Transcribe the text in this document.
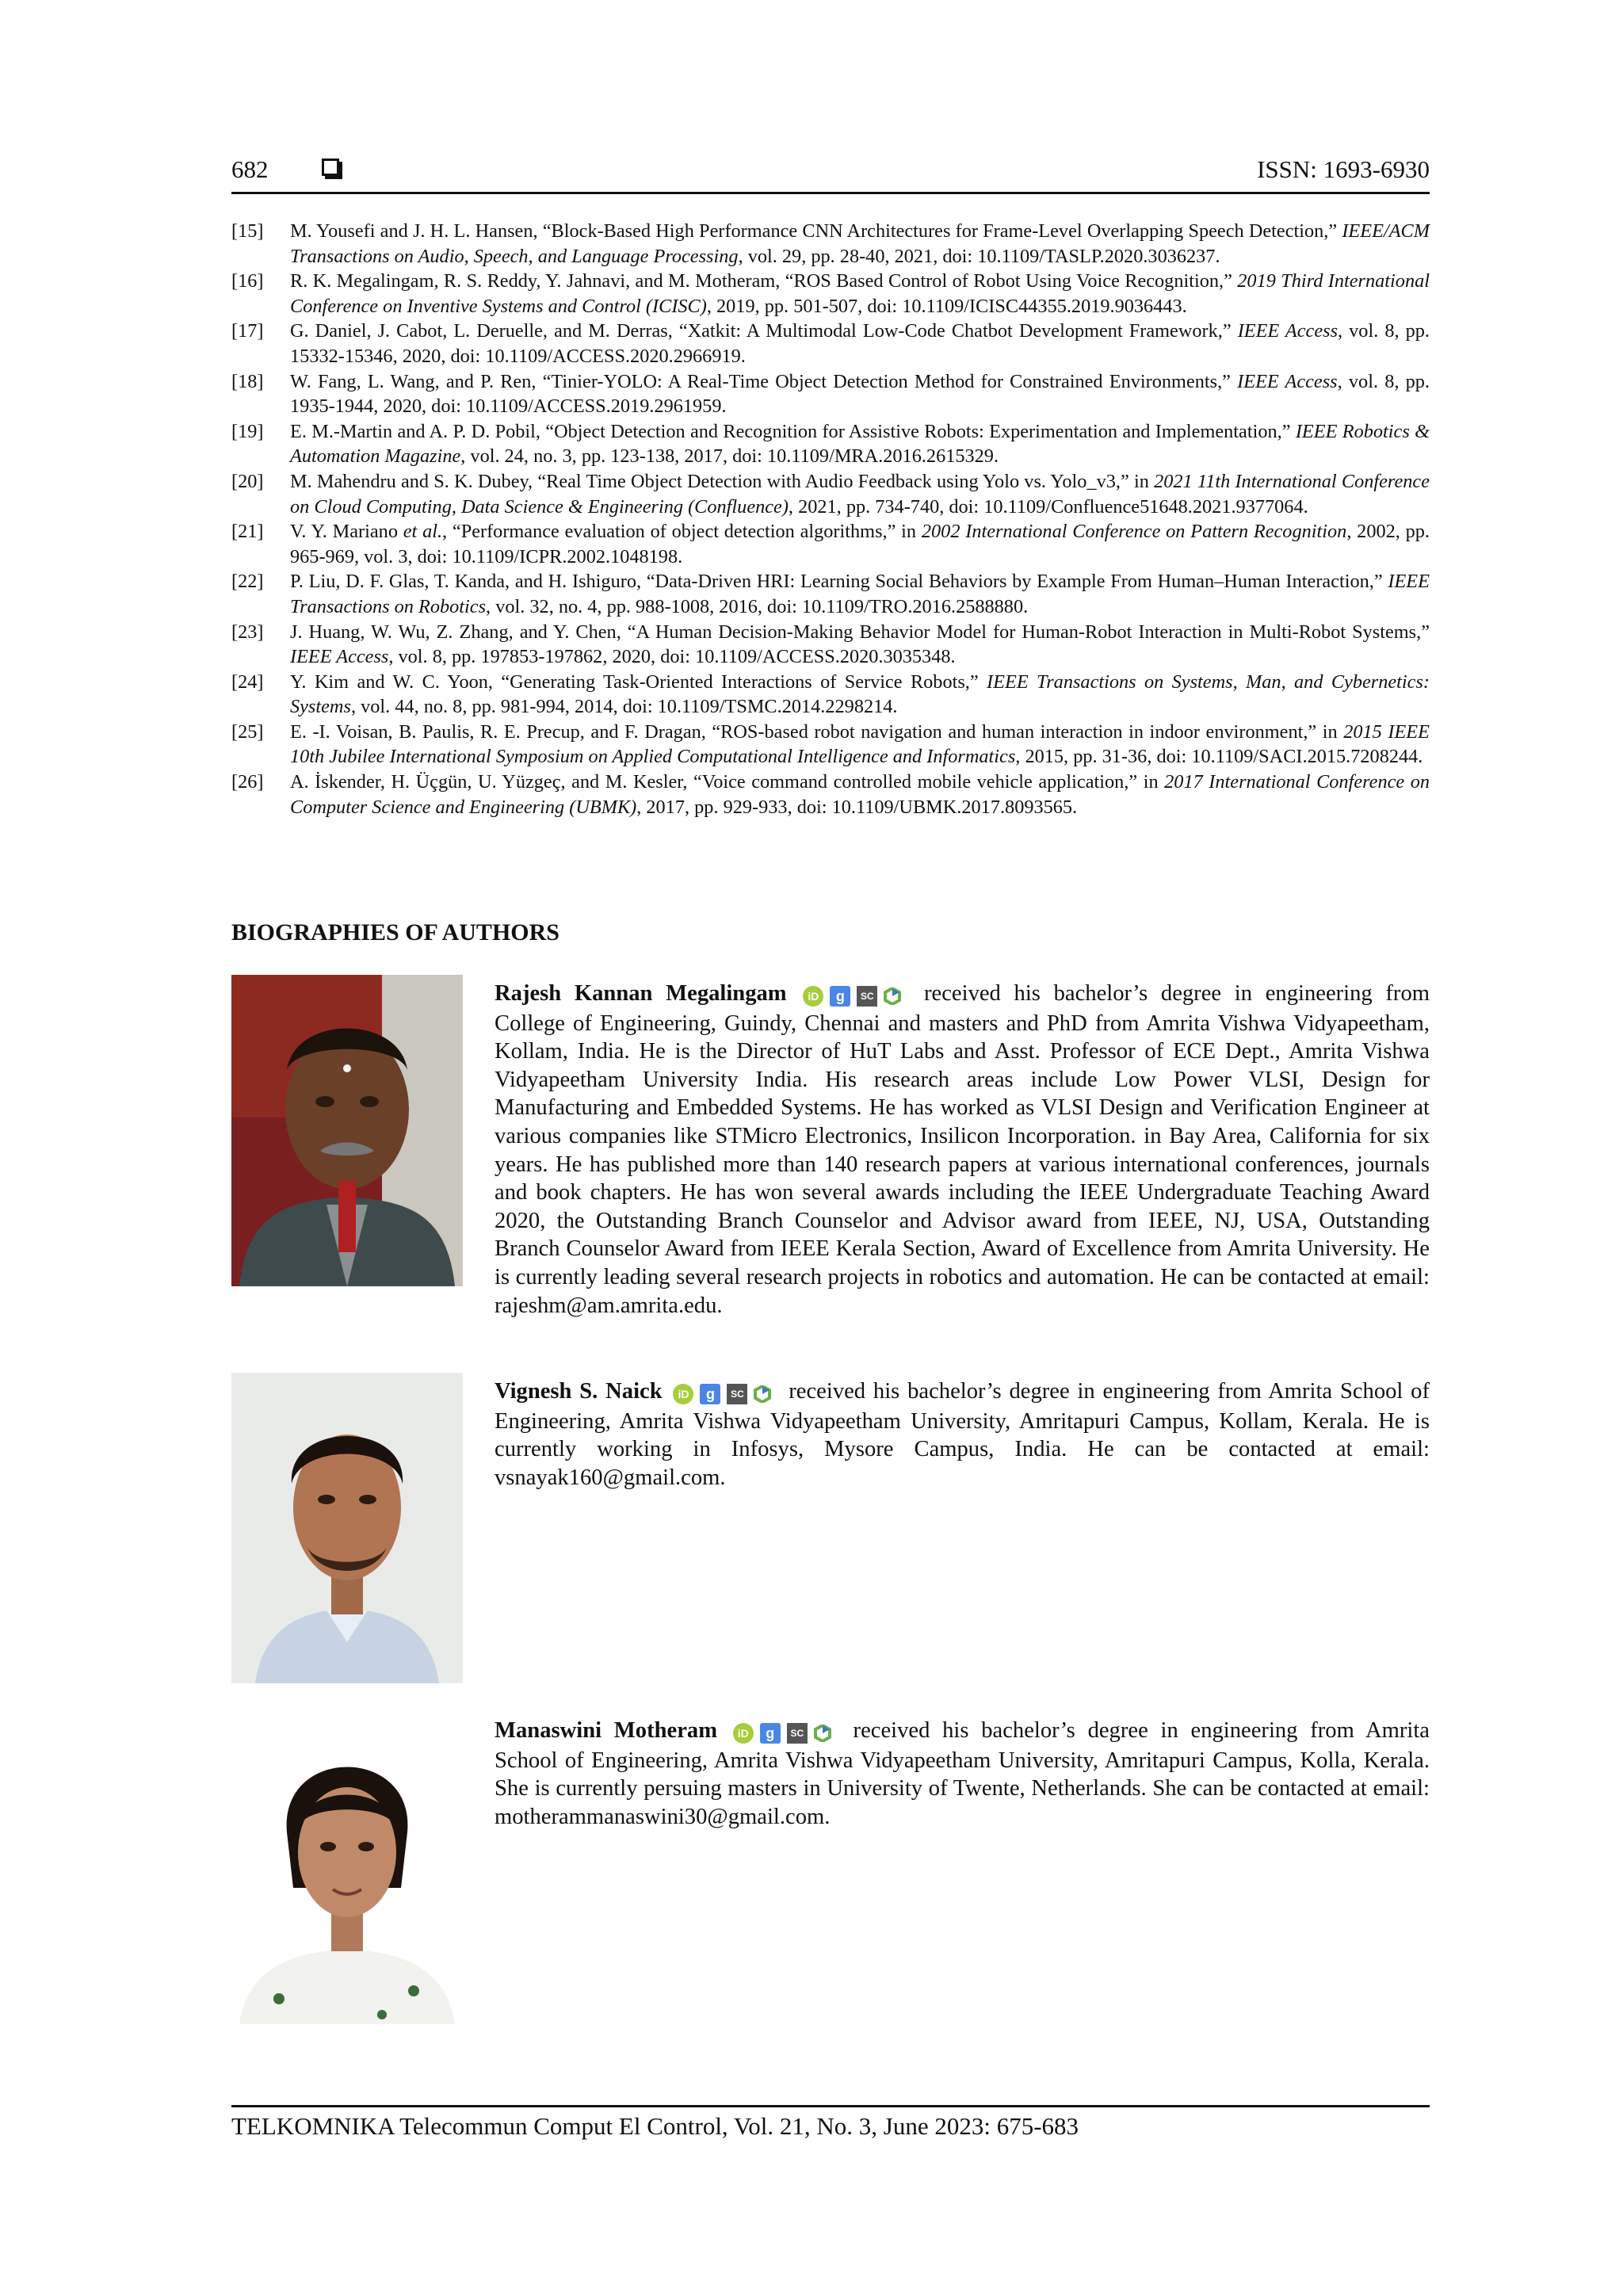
682	ISSN: 1693-6930
[15]	M. Yousefi and J. H. L. Hansen, “Block-Based High Performance CNN Architectures for Frame-Level Overlapping Speech Detection,” IEEE/ACM Transactions on Audio, Speech, and Language Processing, vol. 29, pp. 28-40, 2021, doi: 10.1109/TASLP.2020.3036237.
[16]	R. K. Megalingam, R. S. Reddy, Y. Jahnavi, and M. Motheram, “ROS Based Control of Robot Using Voice Recognition,” 2019 Third International Conference on Inventive Systems and Control (ICISC), 2019, pp. 501-507, doi: 10.1109/ICISC44355.2019.9036443.
[17]	G. Daniel, J. Cabot, L. Deruelle, and M. Derras, “Xatkit: A Multimodal Low-Code Chatbot Development Framework,” IEEE Access, vol. 8, pp. 15332-15346, 2020, doi: 10.1109/ACCESS.2020.2966919.
[18]	W. Fang, L. Wang, and P. Ren, “Tinier-YOLO: A Real-Time Object Detection Method for Constrained Environments,” IEEE Access, vol. 8, pp. 1935-1944, 2020, doi: 10.1109/ACCESS.2019.2961959.
[19]	E. M.-Martin and A. P. D. Pobil, “Object Detection and Recognition for Assistive Robots: Experimentation and Implementation,” IEEE Robotics & Automation Magazine, vol. 24, no. 3, pp. 123-138, 2017, doi: 10.1109/MRA.2016.2615329.
[20]	M. Mahendru and S. K. Dubey, “Real Time Object Detection with Audio Feedback using Yolo vs. Yolo_v3,” in 2021 11th International Conference on Cloud Computing, Data Science & Engineering (Confluence), 2021, pp. 734-740, doi: 10.1109/Confluence51648.2021.9377064.
[21]	V. Y. Mariano et al., “Performance evaluation of object detection algorithms,” in 2002 International Conference on Pattern Recognition, 2002, pp. 965-969, vol. 3, doi: 10.1109/ICPR.2002.1048198.
[22]	P. Liu, D. F. Glas, T. Kanda, and H. Ishiguro, “Data-Driven HRI: Learning Social Behaviors by Example From Human–Human Interaction,” IEEE Transactions on Robotics, vol. 32, no. 4, pp. 988-1008, 2016, doi: 10.1109/TRO.2016.2588880.
[23]	J. Huang, W. Wu, Z. Zhang, and Y. Chen, “A Human Decision-Making Behavior Model for Human-Robot Interaction in Multi-Robot Systems,” IEEE Access, vol. 8, pp. 197853-197862, 2020, doi: 10.1109/ACCESS.2020.3035348.
[24]	Y. Kim and W. C. Yoon, “Generating Task-Oriented Interactions of Service Robots,” IEEE Transactions on Systems, Man, and Cybernetics: Systems, vol. 44, no. 8, pp. 981-994, 2014, doi: 10.1109/TSMC.2014.2298214.
[25]	E. -I. Voisan, B. Paulis, R. E. Precup, and F. Dragan, “ROS-based robot navigation and human interaction in indoor environment,” in 2015 IEEE 10th Jubilee International Symposium on Applied Computational Intelligence and Informatics, 2015, pp. 31-36, doi: 10.1109/SACI.2015.7208244.
[26]	A. İskender, H. Üçgün, U. Yüzgeç, and M. Kesler, “Voice command controlled mobile vehicle application,” in 2017 International Conference on Computer Science and Engineering (UBMK), 2017, pp. 929-933, doi: 10.1109/UBMK.2017.8093565.
BIOGRAPHIES OF AUTHORS
Rajesh Kannan Megalingam iD g SC received his bachelor’s degree in engineering from College of Engineering, Guindy, Chennai and masters and PhD from Amrita Vishwa Vidyapeetham, Kollam, India. He is the Director of HuT Labs and Asst. Professor of ECE Dept., Amrita Vishwa Vidyapeetham University India. His research areas include Low Power VLSI, Design for Manufacturing and Embedded Systems. He has worked as VLSI Design and Verification Engineer at various companies like STMicro Electronics, Insilicon Incorporation. in Bay Area, California for six years. He has published more than 140 research papers at various international conferences, journals and book chapters. He has won several awards including the IEEE Undergraduate Teaching Award 2020, the Outstanding Branch Counselor and Advisor award from IEEE, NJ, USA, Outstanding Branch Counselor Award from IEEE Kerala Section, Award of Excellence from Amrita University. He is currently leading several research projects in robotics and automation. He can be contacted at email: rajeshm@am.amrita.edu.
Vignesh S. Naick iD g SC received his bachelor’s degree in engineering from Amrita School of Engineering, Amrita Vishwa Vidyapeetham University, Amritapuri Campus, Kollam, Kerala. He is currently working in Infosys, Mysore Campus, India. He can be contacted at email: vsnayak160@gmail.com.
Manaswini Motheram iD g SC received his bachelor’s degree in engineering from Amrita School of Engineering, Amrita Vishwa Vidyapeetham University, Amritapuri Campus, Kolla, Kerala. She is currently persuing masters in University of Twente, Netherlands. She can be contacted at email: motherammanaswini30@gmail.com.
TELKOMNIKA Telecommun Comput El Control, Vol. 21, No. 3, June 2023: 675-683
